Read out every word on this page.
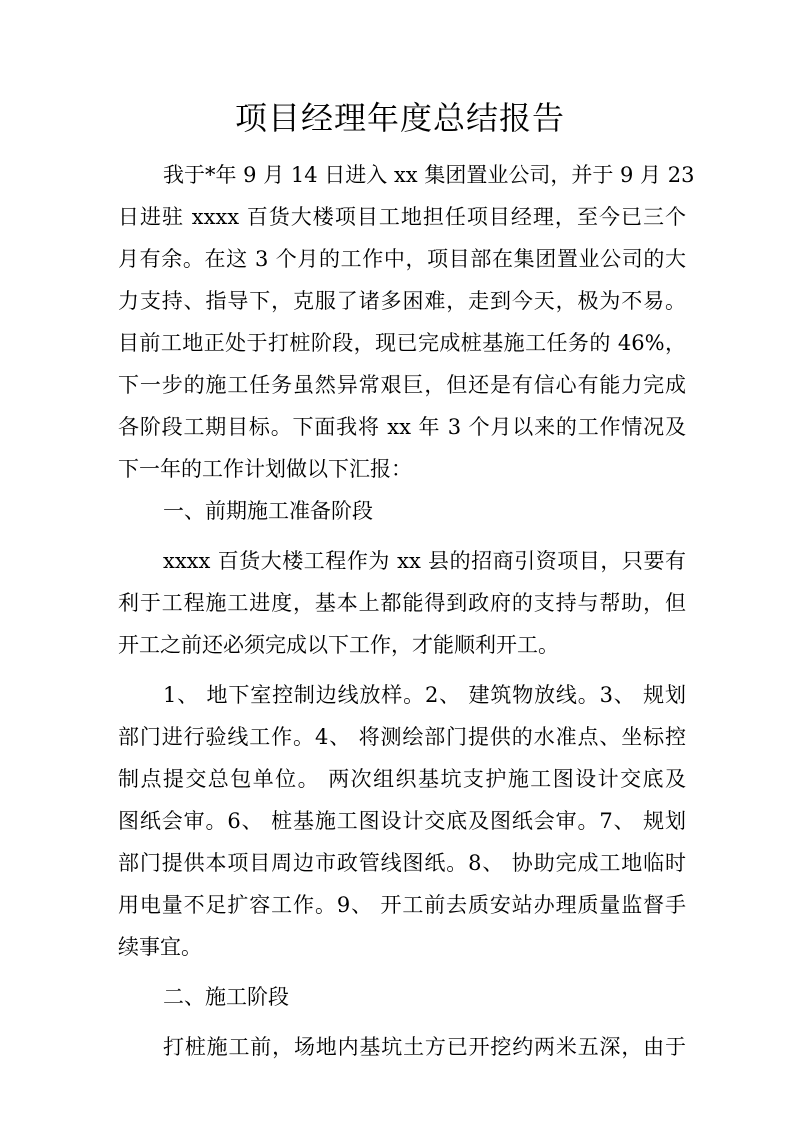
项目经理年度总结报告
我于*年 9 月 14 日进入 xx 集团置业公司，并于 9 月 23
日进驻 xxxx 百货大楼项目工地担任项目经理，至今已三个
月有余。在这 3 个月的工作中，项目部在集团置业公司的大
力支持、指导下，克服了诸多困难，走到今天，极为不易。
目前工地正处于打桩阶段，现已完成桩基施工任务的 46%，
下一步的施工任务虽然异常艰巨，但还是有信心有能力完成
各阶段工期目标。下面我将 xx 年 3 个月以来的工作情况及
下一年的工作计划做以下汇报：
一、前期施工准备阶段
xxxx 百货大楼工程作为 xx 县的招商引资项目，只要有
利于工程施工进度，基本上都能得到政府的支持与帮助，但
开工之前还必须完成以下工作，才能顺利开工。
1、 地下室控制边线放样。2、 建筑物放线。3、 规划
部门进行验线工作。4、 将测绘部门提供的水准点、坐标控
制点提交总包单位。 两次组织基坑支护施工图设计交底及
图纸会审。6、 桩基施工图设计交底及图纸会审。7、 规划
部门提供本项目周边市政管线图纸。8、 协助完成工地临时
用电量不足扩容工作。9、 开工前去质安站办理质量监督手
续事宜。
二、施工阶段
打桩施工前，场地内基坑土方已开挖约两米五深，由于
